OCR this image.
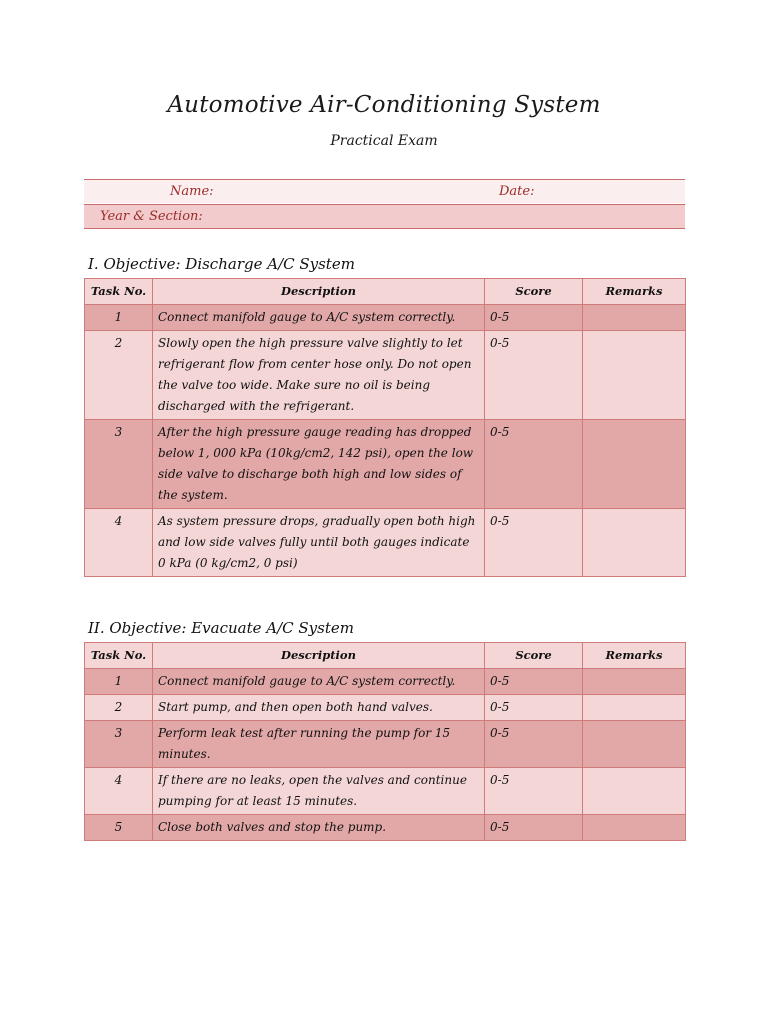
Automotive Air-Conditioning System
Practical Exam
Name:	Date:
Year & Section:
I. Objective: Discharge A/C System
Task No.	Description	Score	Remarks
1	Connect manifold gauge to A/C system correctly.	0-5	
2	Slowly open the high pressure valve slightly to let refrigerant flow from center hose only. Do not open the valve too wide. Make sure no oil is being discharged with the refrigerant.	0-5	
3	After the high pressure gauge reading has dropped below 1, 000 kPa (10kg/cm2, 142 psi), open the low side valve to discharge both high and low sides of the system.	0-5	
4	As system pressure drops, gradually open both high and low side valves fully until both gauges indicate 0 kPa (0 kg/cm2, 0 psi)	0-5	
II. Objective: Evacuate A/C System
Task No.	Description	Score	Remarks
1	Connect manifold gauge to A/C system correctly.	0-5	
2	Start pump, and then open both hand valves.	0-5	
3	Perform leak test after running the pump for 15 minutes.	0-5	
4	If there are no leaks, open the valves and continue pumping for at least 15 minutes.	0-5	
5	Close both valves and stop the pump.	0-5	
